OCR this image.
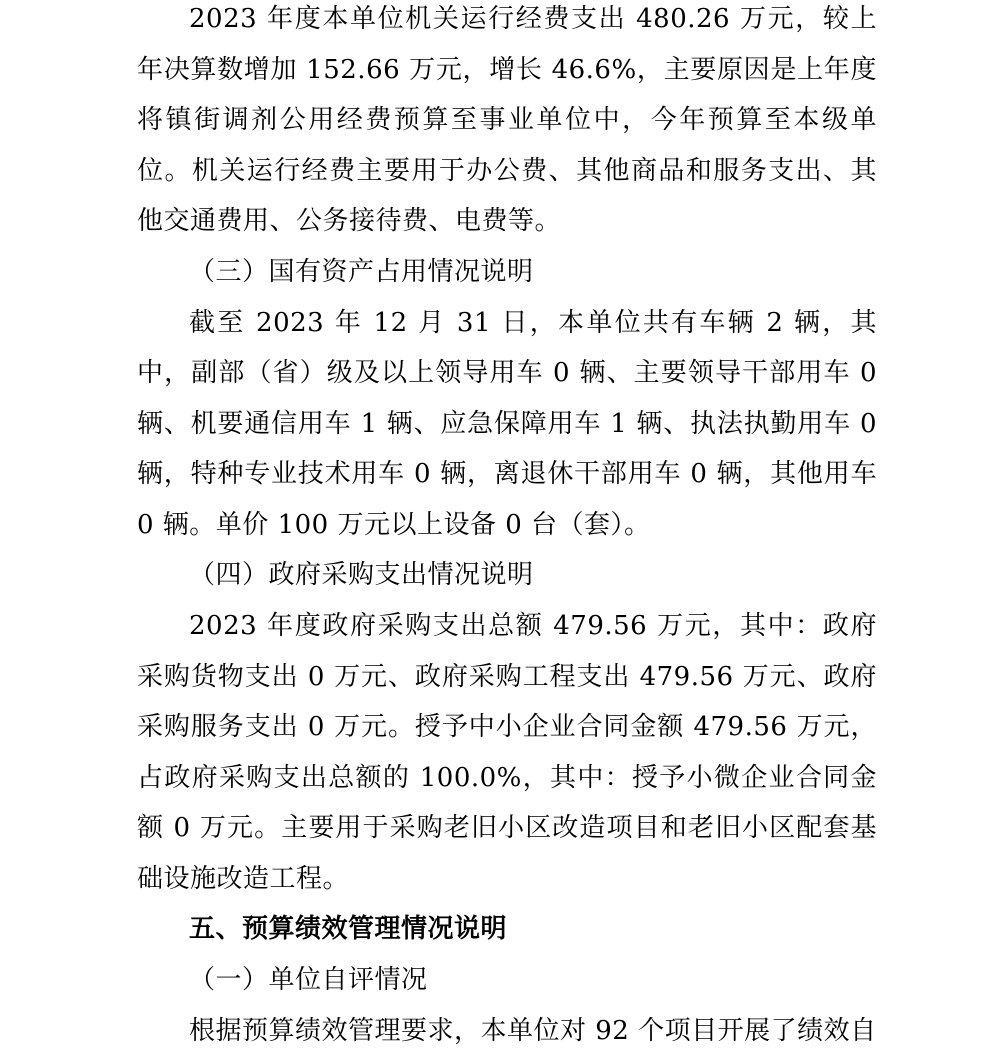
2023 年度本单位机关运行经费支出 480.26 万元，较上年决算数增加 152.66 万元，增长 46.6%，主要原因是上年度将镇街调剂公用经费预算至事业单位中，今年预算至本级单位。机关运行经费主要用于办公费、其他商品和服务支出、其他交通费用、公务接待费、电费等。

（三）国有资产占用情况说明

截至 2023 年 12 月 31 日，本单位共有车辆 2 辆，其中，副部（省）级及以上领导用车 0 辆、主要领导干部用车 0 辆、机要通信用车 1 辆、应急保障用车 1 辆、执法执勤用车 0 辆，特种专业技术用车 0 辆，离退休干部用车 0 辆，其他用车 0 辆。单价 100 万元以上设备 0 台（套）。

（四）政府采购支出情况说明

2023 年度政府采购支出总额 479.56 万元，其中：政府采购货物支出 0 万元、政府采购工程支出 479.56 万元、政府采购服务支出 0 万元。授予中小企业合同金额 479.56 万元，占政府采购支出总额的 100.0%，其中：授予小微企业合同金额 0 万元。主要用于采购老旧小区改造项目和老旧小区配套基础设施改造工程。

五、预算绩效管理情况说明

（一）单位自评情况

根据预算绩效管理要求，本单位对 92 个项目开展了绩效自
